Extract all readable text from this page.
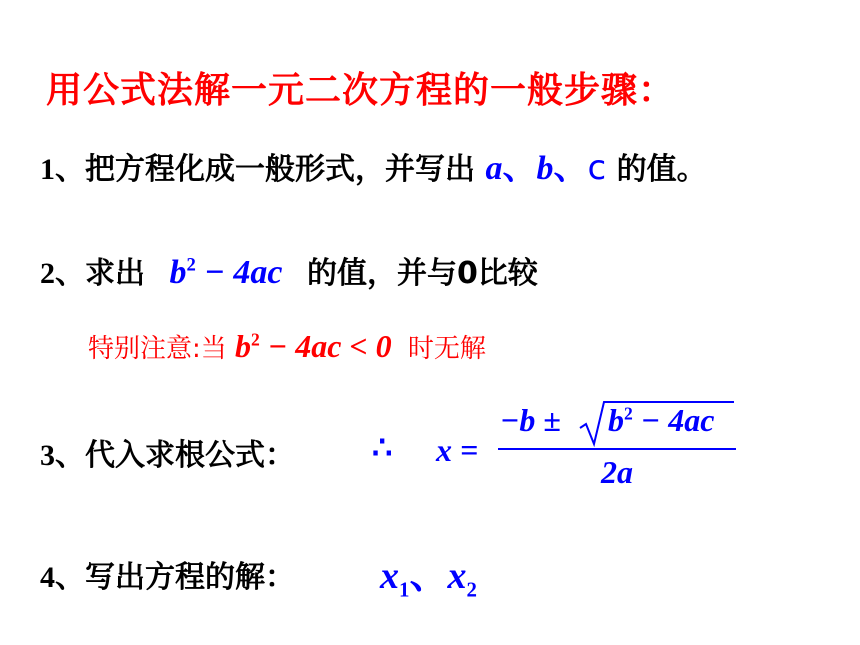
用公式法解一元二次方程的一般步骤：
1、把方程化成一般形式，并写出 a、b、c 的值。
2、求出 $b^2 - 4ac$ 的值，并与0比较
特别注意:当 $b^2 - 4ac < 0$ 时无解
3、代入求根公式： ∴ x =
$-b \pm b^2 - 4ac$
2a
4、写出方程的解： $x_1$、$x_2$
